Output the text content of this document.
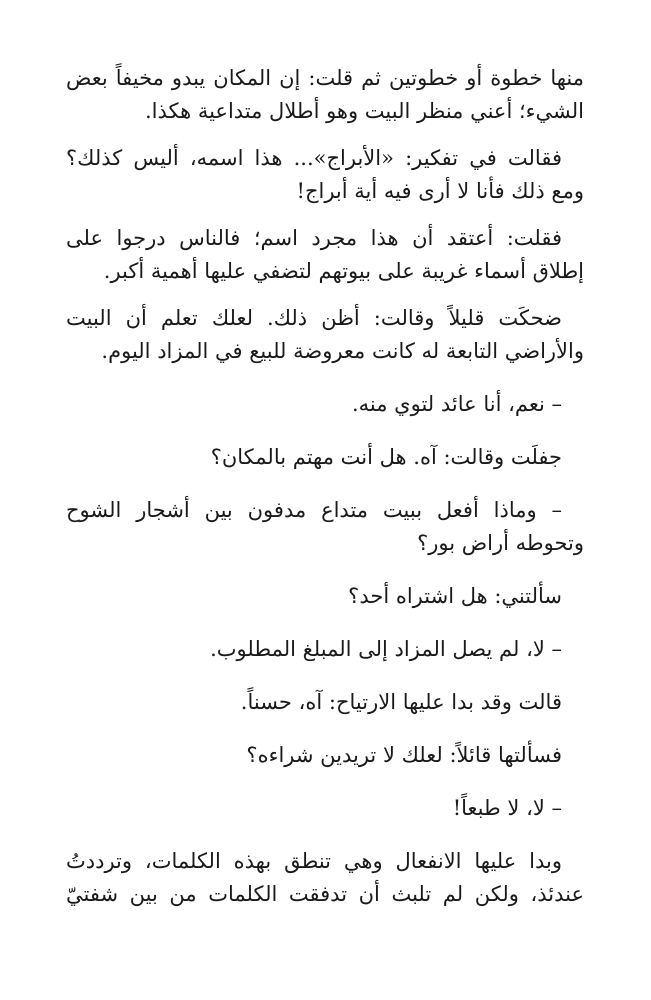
منها خطوة أو خطوتين ثم قلت: إن المكان يبدو مخيفاً بعض
الشيء؛ أعني منظر البيت وهو أطلال متداعية هكذا.

فقالت في تفكير: «الأبراج»... هذا اسمه، أليس كذلك؟
ومع ذلك فأنا لا أرى فيه أية أبراج!

فقلت: أعتقد أن هذا مجرد اسم؛ فالناس درجوا على
إطلاق أسماء غريبة على بيوتهم لتضفي عليها أهمية أكبر.

ضحكَت قليلاً وقالت: أظن ذلك. لعلك تعلم أن البيت
والأراضي التابعة له كانت معروضة للبيع في المزاد اليوم.

– نعم، أنا عائد لتوي منه.

جفلَت وقالت: آه. هل أنت مهتم بالمكان؟

– وماذا أفعل ببيت متداع مدفون بين أشجار الشوح
وتحوطه أراض بور؟

سألتني: هل اشتراه أحد؟

– لا، لم يصل المزاد إلى المبلغ المطلوب.

قالت وقد بدا عليها الارتياح: آه، حسناً.

فسألتها قائلاً: لعلك لا تريدين شراءه؟

– لا، لا طبعاً!

وبدا عليها الانفعال وهي تنطق بهذه الكلمات، وترددتُ
عندئذ، ولكن لم تلبث أن تدفقت الكلمات من بين شفتيّ
